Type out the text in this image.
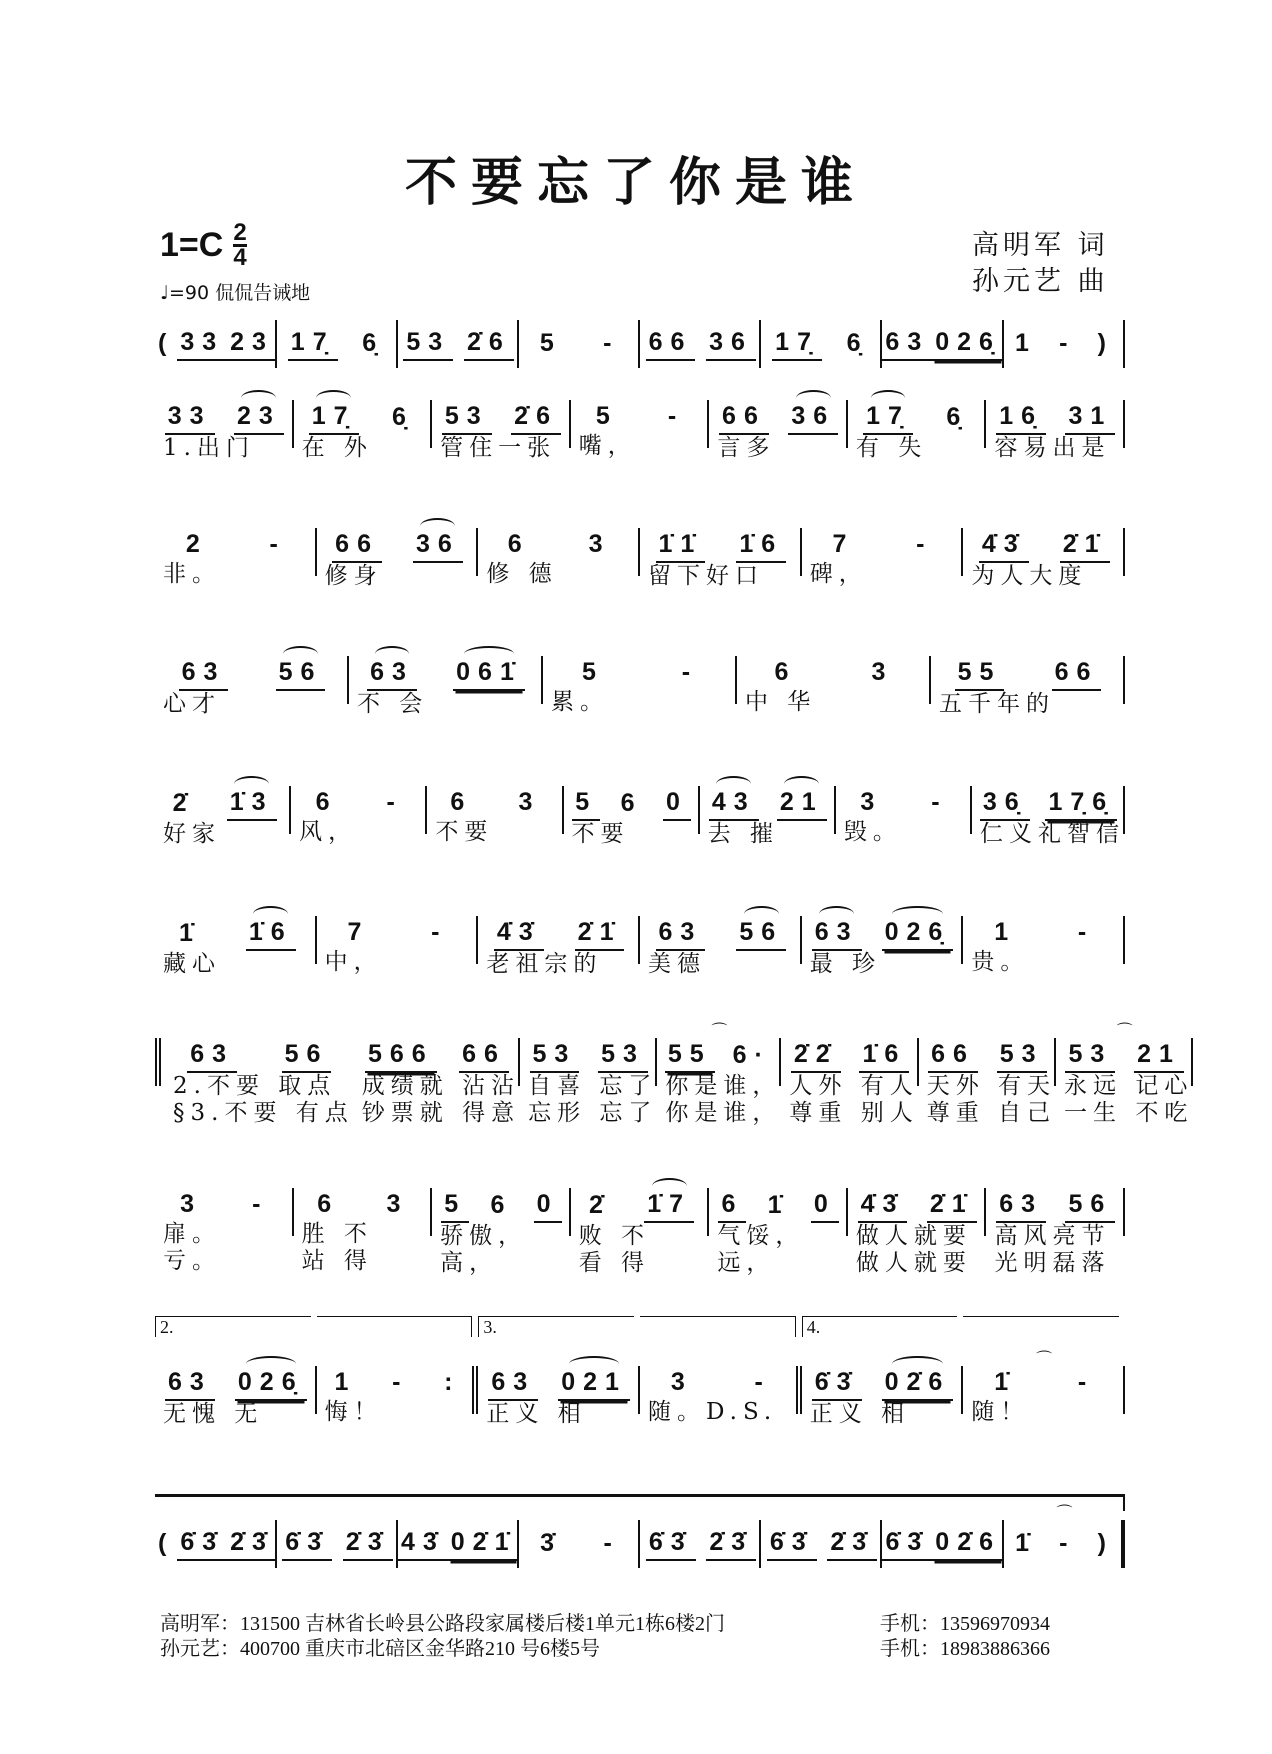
不要忘了你是谁
$1=C \frac{2}{4}$
♩=90 侃侃告诫地
高明军 词
孙元艺 曲
( 33 23 17̣ 6̣ 53 2̇6 5 - 66 36 17̣ 6̣ 63 026̣ 1 - )
33 23
1.出门
17̣ 6̣
在 外
53 2̇6
管住一张
5 -
嘴，
66 36
言多
17̣ 6̣
有 失
16̣ 31
容易出是
2 -
非。
66 36
修身
6 3
修 德
1̇1̇ 1̇6
留下好口
7 -
碑，
4̇3̇ 2̇1̇
为人大度
63 56
心才
63 061̇
不 会
5	-
累。
6	3
中 华
55 66
五千年的
2̇ 1̇3
好家
6 -
风，
6 3
不要
5 6 0
不要
43 21
去 摧
3 -
毁。
36̣ 17̣6̣
仁义礼智信
1̇ 1̇6
藏心
7 -
中，
4̇3̇ 2̇1̇
老祖宗的
63 56
美德
63 026̣
最 珍
1 -
贵。
63 56
2.不要 取点
§3.不要 有点
566 66
成绩就 沾沾
钞票就 得意
53 53
自喜 忘了
忘形 忘了
55 6·
⌒
你是谁，
你是谁，
2̇2̇ 1̇6
人外 有人
尊重 别人
66 53
天外 有天
尊重 自己
53 21
⌒
永远 记心
一生 不吃
3 -
扉。
亏。
6 3
胜 不
站 得
5 6 0
骄傲，
高，
2̇ 1̇7
败 不
看 得
6 1̇ 0
气馁，
远，
4̇3̇ 2̇1̇
做人就要
做人就要
63 56
高风亮节
光明磊落
2.
63 026̣
无愧 无
1 - :
悔！
3.
63 021
正义 相
3 -
随。D.S.
4.
6̇3̇ 02̇6
正义 相
1̇ -
⌒
随！
( 6̇3̇ 2̇3̇ 6̇3̇ 2̇3̇ 43̇ 02̇1̇ 3̇ - 6̇3̇ 2̇3̇ 6̇3̇ 2̇3̇ 6̇3̇ 02̇6 1̇ - )
⌒
高明军：131500 吉林省长岭县公路段家属楼后楼1单元1栋6楼2门	手机：13596970934
孙元艺：400700 重庆市北碚区金华路210 号6楼5号	手机：18983886366
